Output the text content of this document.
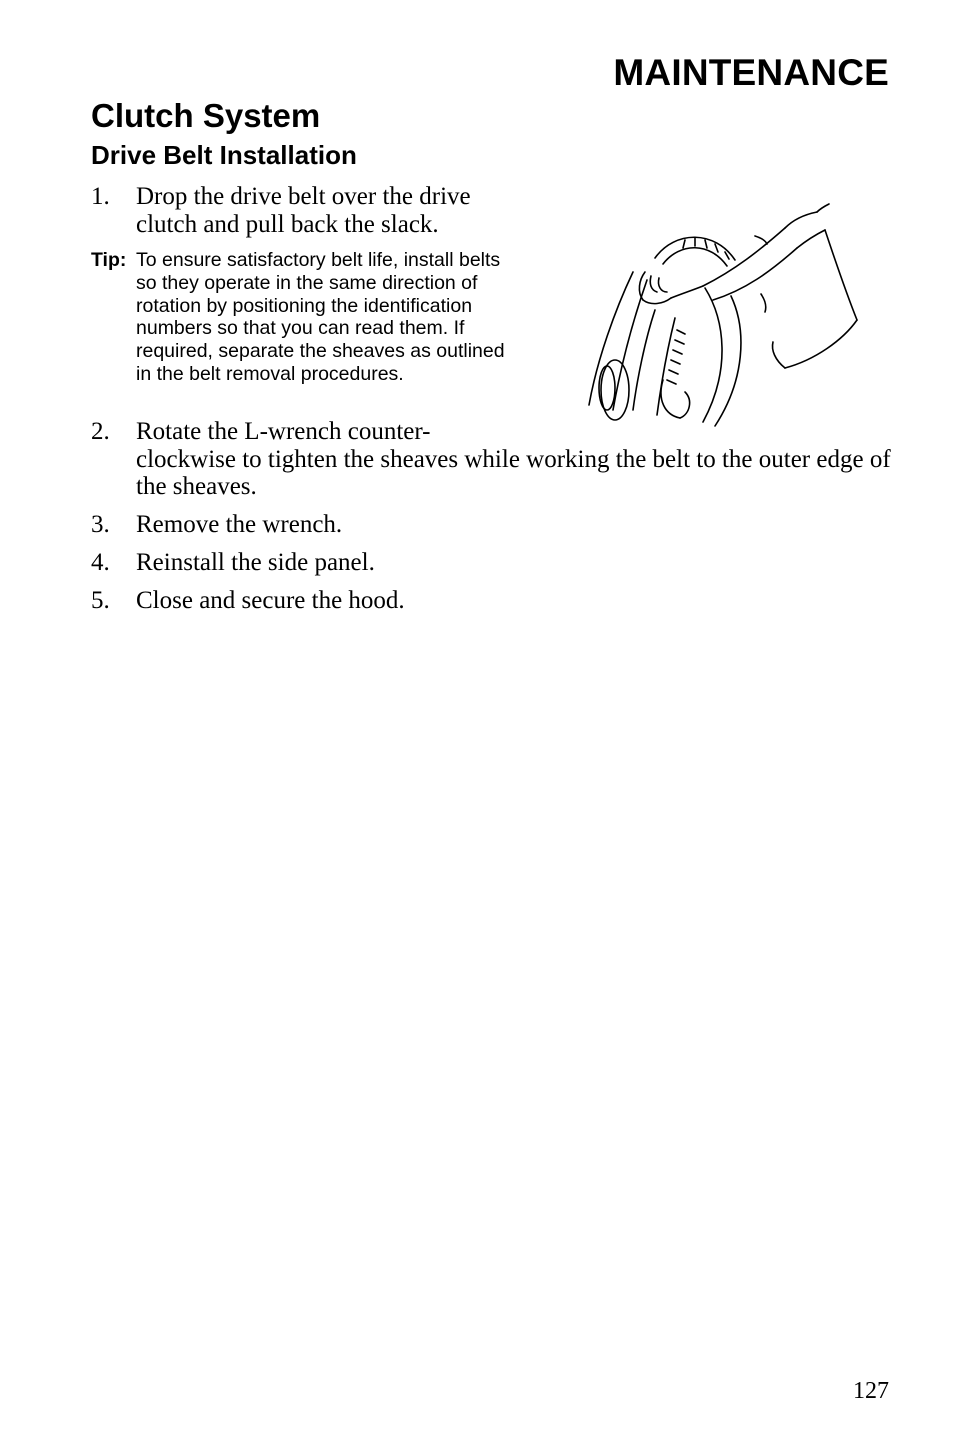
MAINTENANCE
Clutch System
Drive Belt Installation
1. Drop the drive belt over the drive clutch and pull back the slack.
Tip: To ensure satisfactory belt life, install belts so they operate in the same direction of rotation by positioning the identification numbers so that you can read them. If required, separate the sheaves as outlined in the belt removal procedures.
2. Rotate the L-wrench counter-
clockwise to tighten the sheaves while working the belt to the outer edge of the sheaves.
3. Remove the wrench.
4. Reinstall the side panel.
5. Close and secure the hood.
127
